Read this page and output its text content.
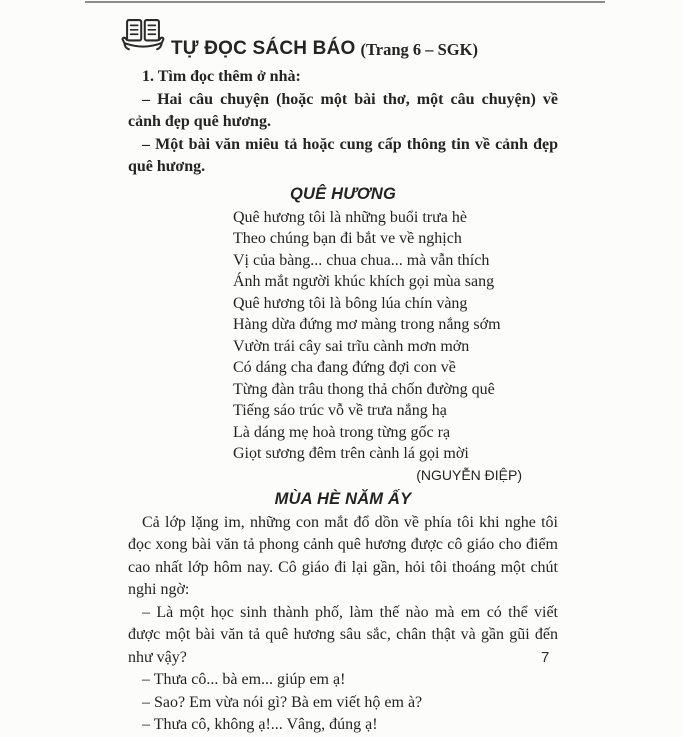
TỰ ĐỌC SÁCH BÁO (Trang 6 – SGK)

1. Tìm đọc thêm ở nhà:

– Hai câu chuyện (hoặc một bài thơ, một câu chuyện) về cảnh đẹp quê hương.

– Một bài văn miêu tả hoặc cung cấp thông tin về cảnh đẹp quê hương.

QUÊ HƯƠNG

Quê hương tôi là những buổi trưa hè

Theo chúng bạn đi bắt ve về nghịch

Vị của bàng... chua chua... mà vẫn thích

Ánh mắt người khúc khích gọi mùa sang

Quê hương tôi là bông lúa chín vàng

Hàng dừa đứng mơ màng trong nắng sớm

Vườn trái cây sai trĩu cành mơn mởn

Có dáng cha đang đứng đợi con về

Từng đàn trâu thong thả chốn đường quê

Tiếng sáo trúc vỗ về trưa nắng hạ

Là dáng mẹ hoà trong từng gốc rạ

Giọt sương đêm trên cành lá gọi mời

(NGUYỄN ĐIỆP)

MÙA HÈ NĂM ẤY

Cả lớp lặng im, những con mắt đổ dồn về phía tôi khi nghe tôi đọc xong bài văn tả phong cảnh quê hương được cô giáo cho điểm cao nhất lớp hôm nay. Cô giáo đi lại gần, hỏi tôi thoáng một chút nghi ngờ:

– Là một học sinh thành phố, làm thế nào mà em có thể viết được một bài văn tả quê hương sâu sắc, chân thật và gần gũi đến như vậy?

– Thưa cô... bà em... giúp em ạ!

– Sao? Em vừa nói gì? Bà em viết hộ em à?

– Thưa cô, không ạ!... Vâng, đúng ạ!

7
